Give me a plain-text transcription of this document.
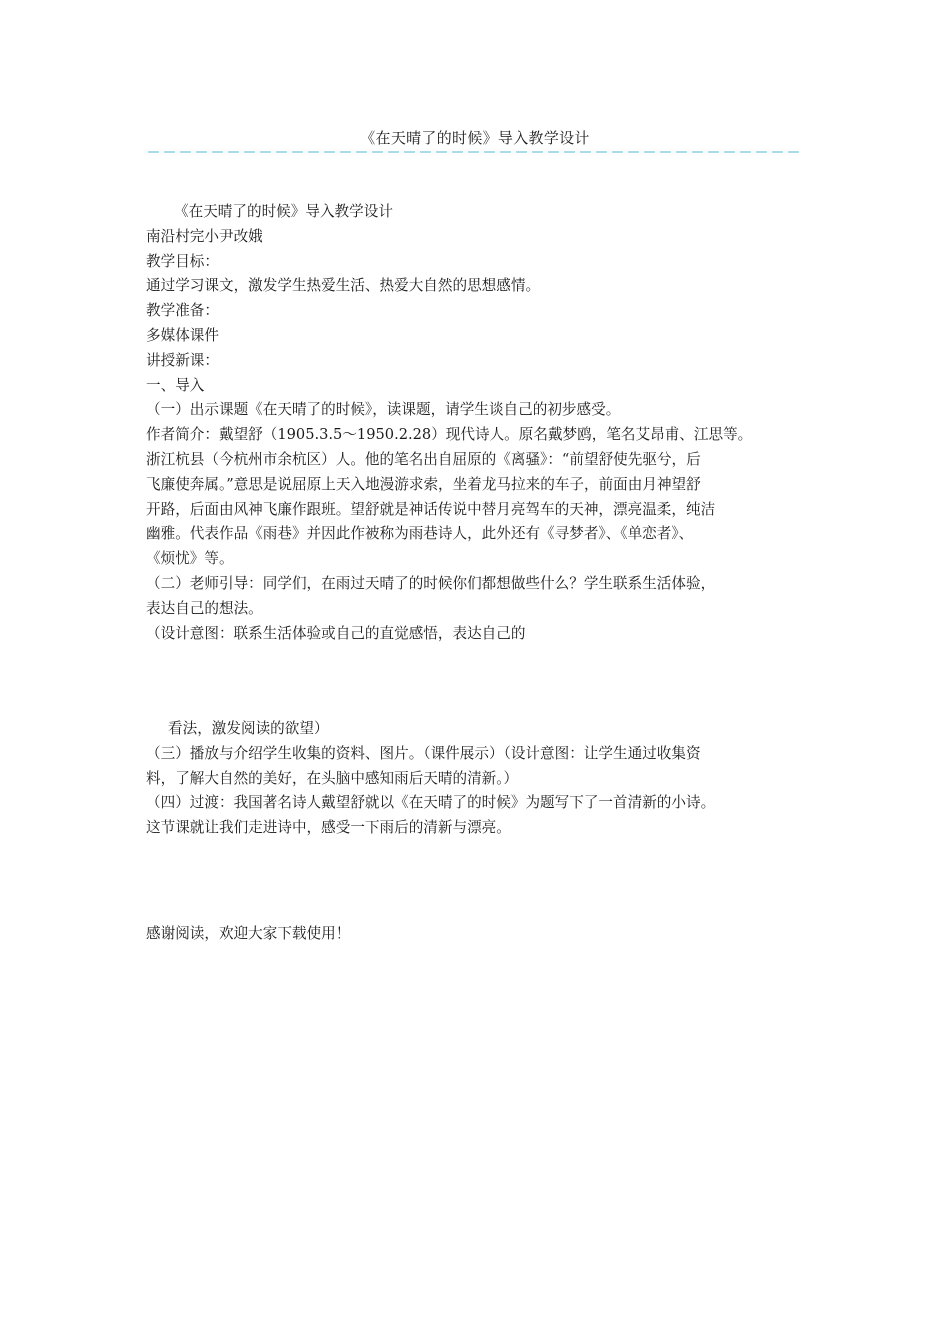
《在天晴了的时候》导入教学设计
《在天晴了的时候》导入教学设计
南沿村完小尹改娥
教学目标：
通过学习课文，激发学生热爱生活、热爱大自然的思想感情。
教学准备：
多媒体课件
讲授新课：
一、导入
（一）出示课题《在天晴了的时候》，读课题，请学生谈自己的初步感受。
作者简介：戴望舒（1905.3.5～1950.2.28）现代诗人。原名戴梦鸥，笔名艾昂甫、江思等。
浙江杭县（今杭州市余杭区）人。他的笔名出自屈原的《离骚》：“前望舒使先驱兮，后
飞廉使奔属。”意思是说屈原上天入地漫游求索，坐着龙马拉来的车子，前面由月神望舒
开路，后面由风神飞廉作跟班。望舒就是神话传说中替月亮驾车的天神，漂亮温柔，纯洁
幽雅。代表作品《雨巷》并因此作被称为雨巷诗人，此外还有《寻梦者》、《单恋者》、
《烦忧》等。
（二）老师引导：同学们，在雨过天晴了的时候你们都想做些什么？学生联系生活体验，
表达自己的想法。
（设计意图：联系生活体验或自己的直觉感悟，表达自己的
看法，激发阅读的欲望）
（三）播放与介绍学生收集的资料、图片。（课件展示）（设计意图：让学生通过收集资
料，了解大自然的美好，在头脑中感知雨后天晴的清新。）
（四）过渡：我国著名诗人戴望舒就以《在天晴了的时候》为题写下了一首清新的小诗。
这节课就让我们走进诗中，感受一下雨后的清新与漂亮。
感谢阅读，欢迎大家下载使用！
